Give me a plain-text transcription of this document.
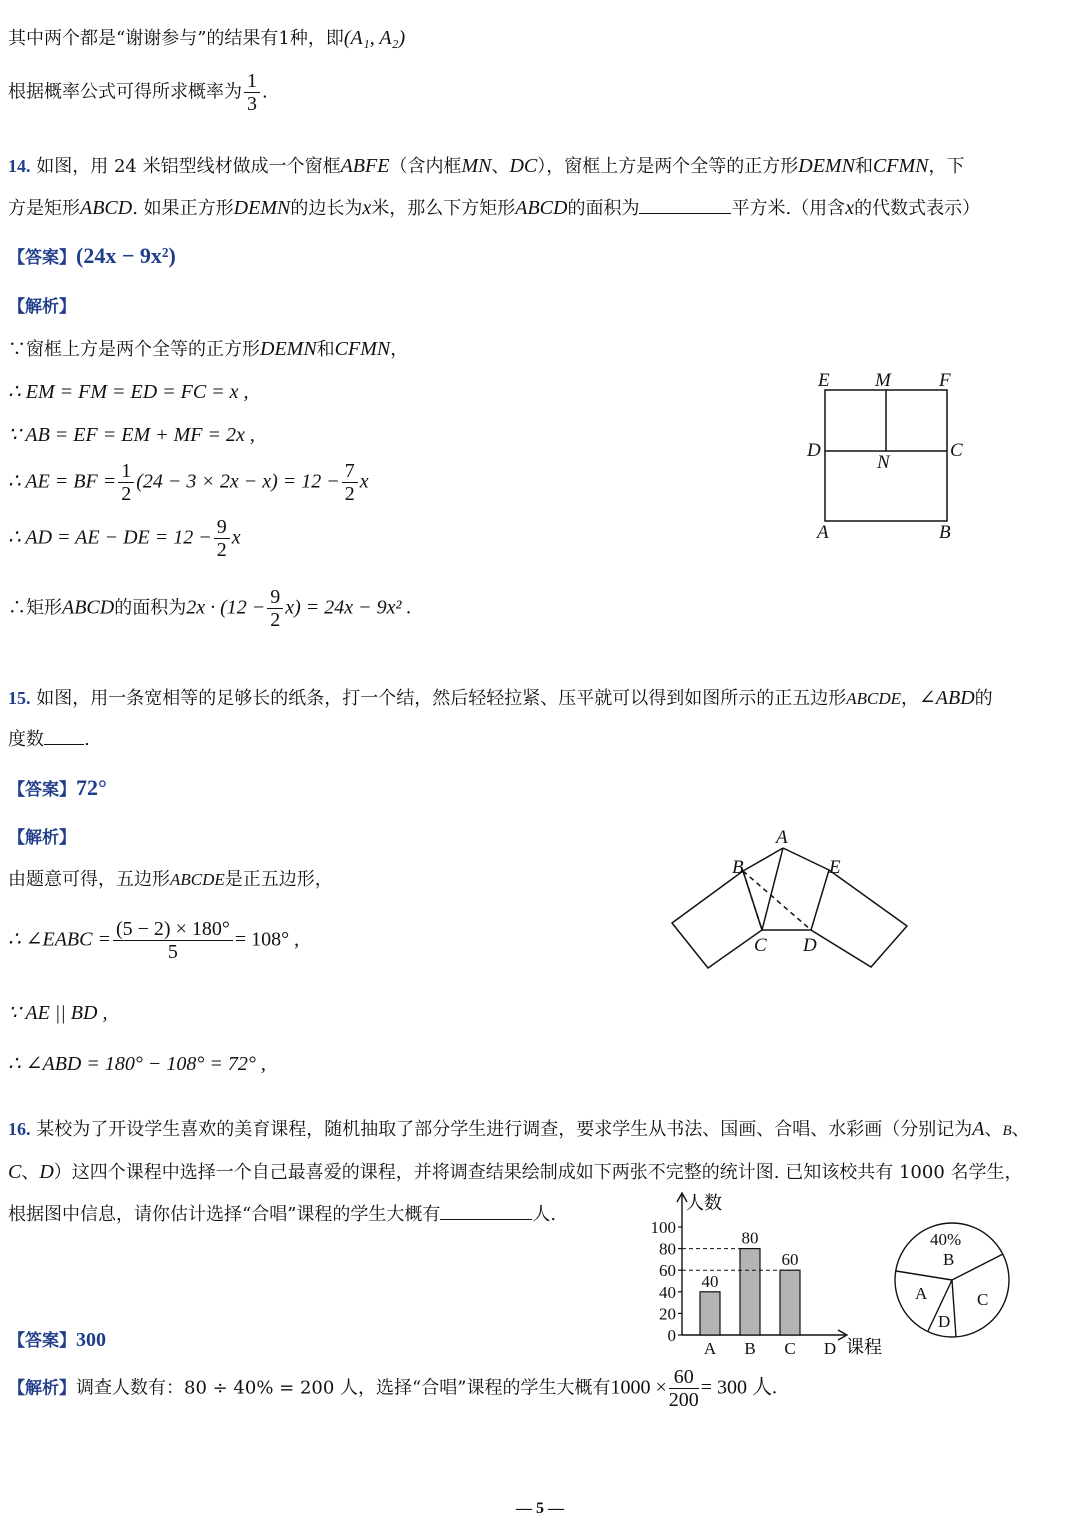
其中两个都是“谢谢参与”的结果有1种，即(A₁, A₂)
根据概率公式可得所求概率为 $\frac{1}{3}$ .
14. 如图，用 24 米铝型线材做成一个窗框ABFE（含内框MN、DC），窗框上方是两个全等的正方形DEMN和CFMN，下
方是矩形ABCD. 如果正方形DEMN的边长为x米，那么下方矩形ABCD的面积为	平方米.（用含x的代数式表示）
【答案】(24x − 9x²)
【解析】
∵窗框上方是两个全等的正方形DEMN和CFMN，
∴ EM = FM = ED = FC = x ,
∵ AB = EF = EM + MF = 2x ,
∴ AE = BF = $\frac{1}{2} (24 - 3 \times 2x - x) = 12 - \frac{7}{2}$ x
∴ AD = AE − DE = $12 - \frac{9}{2}$ x
∴矩形ABCD的面积为$2x \cdot (12 - \frac{9}{2} x) = 24x - 9x^2$ .
E M	F
D
N
C
A	B
15. 如图，用一条宽相等的足够长的纸条，打一个结，然后轻轻拉紧、压平就可以得到如图所示的正五边形ABCDE，∠ABD的
度数 .
【答案】72°
【解析】
由题意可得，五边形ABCDE是正五边形，
∴ ∠EABC = $\frac{(5 - 2) \times 180^\circ}{5} = 108^\circ$ ,
∵ AE || BD ,
∴ ∠ABD = 180° − 108° = 72° ,
A
B	E
C D
16. 某校为了开设学生喜欢的美育课程，随机抽取了部分学生进行调查，要求学生从书法、国画、合唱、水彩画（分别记为A、B、
C、D）这四个课程中选择一个自己最喜爱的课程，并将调查结果绘制成如下两张不完整的统计图. 已知该校共有 1000 名学生，
根据图中信息，请你估计选择“合唱”课程的学生大概有	人.
【答案】300
【解析】调查人数有：80 ÷ 40% = 200 人，选择“合唱”课程的学生大概有$1000 \times \frac{60}{200} = 300$ 人.
0
20
40
60
80
100
40
A
80
B
60
C D
人数
课程
40%
B
C
D
A
— 5 —
